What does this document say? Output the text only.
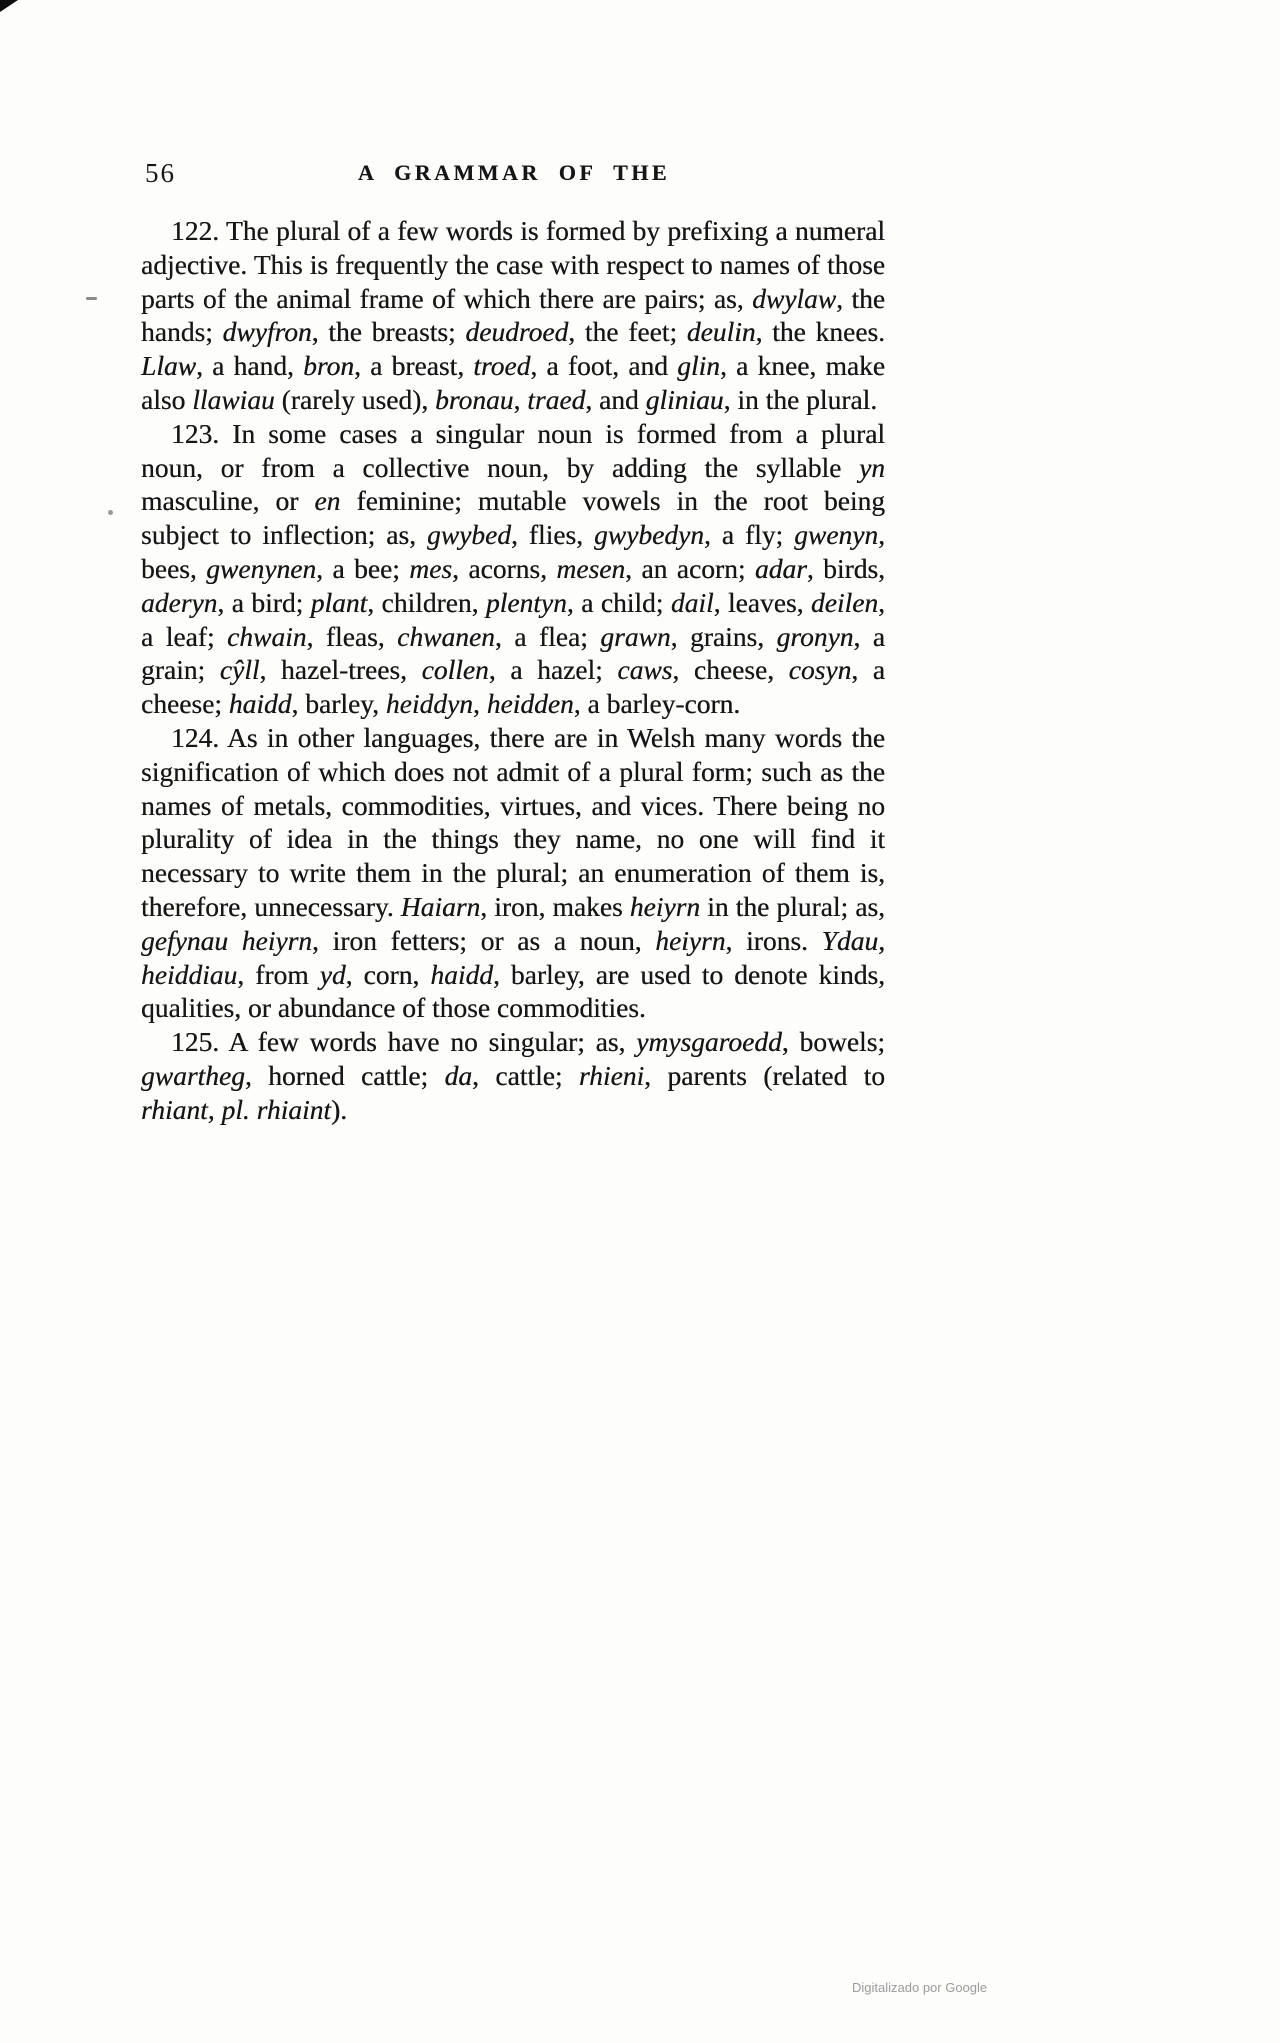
56	A GRAMMAR OF THE

122. The plural of a few words is formed by prefixing a numeral adjective. This is frequently the case with respect to names of those parts of the animal frame of which there are pairs; as, dwylaw, the hands; dwyfron, the breasts; deudroed, the feet; deulin, the knees. Llaw, a hand, bron, a breast, troed, a foot, and glin, a knee, make also llawiau (rarely used), bronau, traed, and gliniau, in the plural.

123. In some cases a singular noun is formed from a plural noun, or from a collective noun, by adding the syllable yn masculine, or en feminine; mutable vowels in the root being subject to inflection; as, gwybed, flies, gwybedyn, a fly; gwenyn, bees, gwenynen, a bee; mes, acorns, mesen, an acorn; adar, birds, aderyn, a bird; plant, children, plentyn, a child; dail, leaves, deilen, a leaf; chwain, fleas, chwanen, a flea; grawn, grains, gronyn, a grain; cŷll, hazel-trees, collen, a hazel; caws, cheese, cosyn, a cheese; haidd, barley, heiddyn, heidden, a barley-corn.

124. As in other languages, there are in Welsh many words the signification of which does not admit of a plural form; such as the names of metals, commodities, virtues, and vices. There being no plurality of idea in the things they name, no one will find it necessary to write them in the plural; an enumeration of them is, therefore, unnecessary. Haiarn, iron, makes heiyrn in the plural; as, gefynau heiyrn, iron fetters; or as a noun, heiyrn, irons. Ydau, heiddiau, from yd, corn, haidd, barley, are used to denote kinds, qualities, or abundance of those commodities.

125. A few words have no singular; as, ymysgaroedd, bowels; gwartheg, horned cattle; da, cattle; rhieni, parents (related to rhiant, pl. rhiaint).

Digitalizado por Google
